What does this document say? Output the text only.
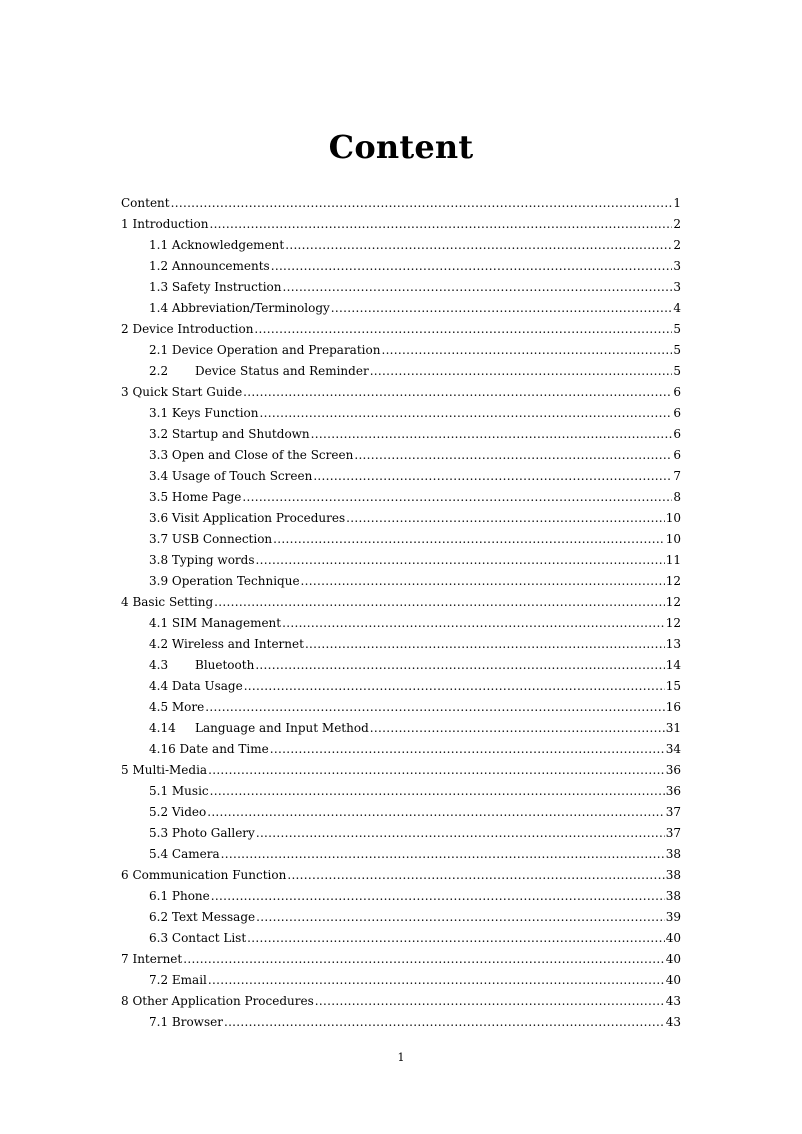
Content
Content .....	1
1 Introduction .....	2
1.1 Acknowledgement .....	2
1.2 Announcements .....	3
1.3 Safety Instruction .....	3
1.4 Abbreviation/Terminology .....	4
2 Device Introduction .....	5
2.1 Device Operation and Preparation .....	5
2.2 Device Status and Reminder .....	5
3 Quick Start Guide .....	6
3.1 Keys Function .....	6
3.2 Startup and Shutdown .....	6
3.3 Open and Close of the Screen .....	6
3.4 Usage of Touch Screen .....	7
3.5 Home Page .....	8
3.6 Visit Application Procedures .....	10
3.7 USB Connection .....	10
3.8 Typing words .....	11
3.9 Operation Technique .....	12
4 Basic Setting .....	12
4.1 SIM Management .....	12
4.2 Wireless and Internet .....	13
4.3 Bluetooth .....	14
4.4 Data Usage .....	15
4.5 More .....	16
4.14 Language and Input Method .....	31
4.16 Date and Time .....	34
5 Multi-Media .....	36
5.1 Music .....	36
5.2 Video .....	37
5.3 Photo Gallery .....	37
5.4 Camera .....	38
6 Communication Function .....	38
6.1 Phone .....	38
6.2 Text Message .....	39
6.3 Contact List .....	40
7 Internet .....	40
7.2 Email .....	40
8 Other Application Procedures .....	43
7.1 Browser .....	43
1
